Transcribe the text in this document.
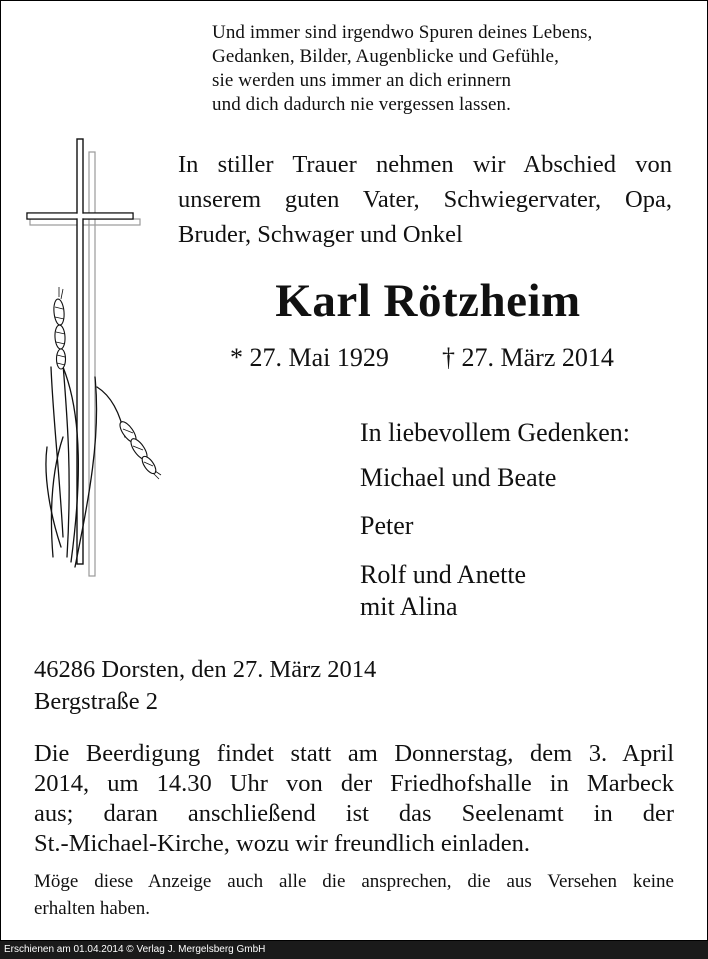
Und immer sind irgendwo Spuren deines Lebens,
Gedanken, Bilder, Augenblicke und Gefühle,
sie werden uns immer an dich erinnern
und dich dadurch nie vergessen lassen.
In stiller Trauer nehmen wir Abschied von
unserem guten Vater, Schwiegervater, Opa,
Bruder, Schwager und Onkel
Karl Rötzheim
* 27. Mai 1929 † 27. März 2014
In liebevollem Gedenken:
Michael und Beate
Peter
Rolf und Anette
mit Alina
46286 Dorsten, den 27. März 2014
Bergstraße 2
Die Beerdigung findet statt am Donnerstag, dem 3. April
2014, um 14.30 Uhr von der Friedhofshalle in Marbeck
aus; daran anschließend ist das Seelenamt in der
St.-Michael-Kirche, wozu wir freundlich einladen.
Möge diese Anzeige auch alle die ansprechen, die aus Versehen keine
erhalten haben.
Erschienen am 01.04.2014 © Verlag J. Mergelsberg GmbH
